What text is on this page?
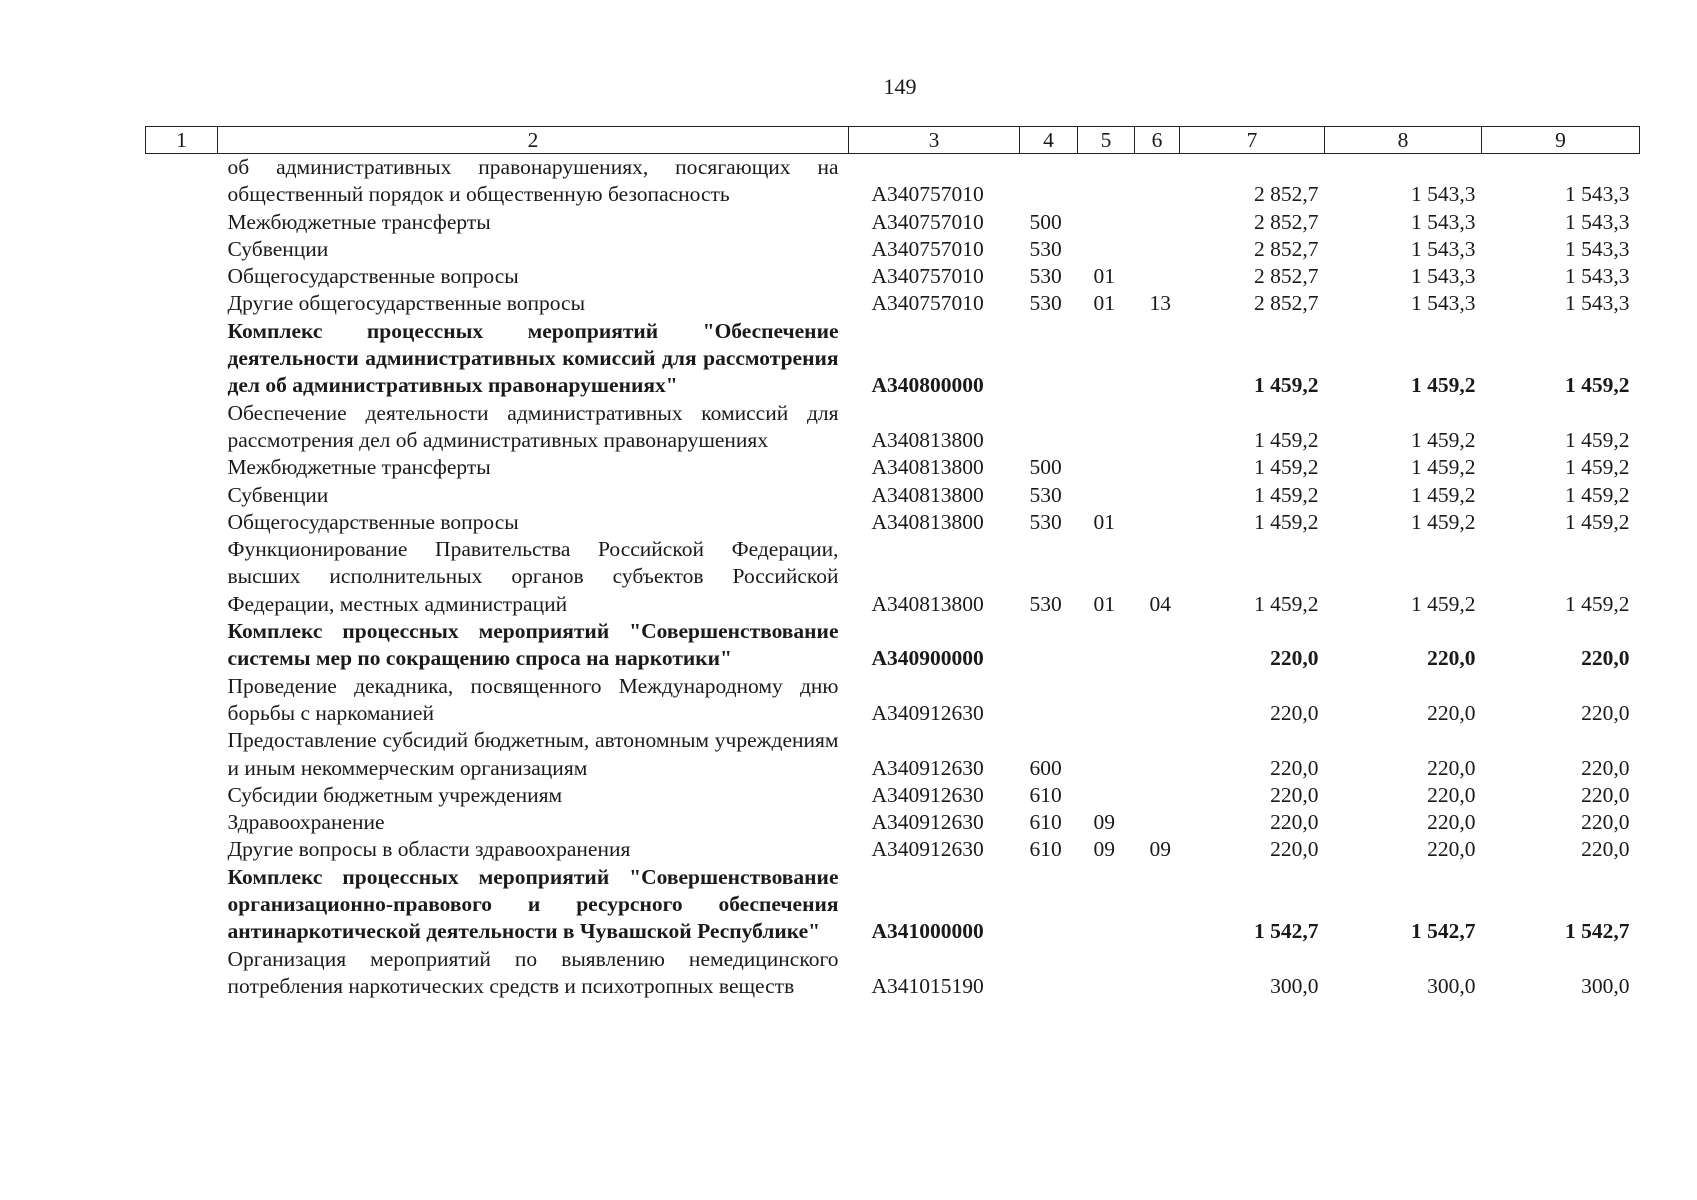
149
1	2	3	4	5	6	7	8	9
	об административных правонарушениях, посягающих на общественный порядок и общественную безопасность	А340757010				2 852,7	1 543,3	1 543,3
	Межбюджетные трансферты	А340757010	500			2 852,7	1 543,3	1 543,3
	Субвенции	А340757010	530			2 852,7	1 543,3	1 543,3
	Общегосударственные вопросы	А340757010	530	01		2 852,7	1 543,3	1 543,3
	Другие общегосударственные вопросы	А340757010	530	01	13	2 852,7	1 543,3	1 543,3
	Комплекс процессных мероприятий "Обеспечение деятельности административных комиссий для рассмотрения дел об административных правонарушениях"	А340800000				1 459,2	1 459,2	1 459,2
	Обеспечение деятельности административных комиссий для рассмотрения дел об административных правонарушениях	А340813800				1 459,2	1 459,2	1 459,2
	Межбюджетные трансферты	А340813800	500			1 459,2	1 459,2	1 459,2
	Субвенции	А340813800	530			1 459,2	1 459,2	1 459,2
	Общегосударственные вопросы	А340813800	530	01		1 459,2	1 459,2	1 459,2
	Функционирование Правительства Российской Федерации, высших исполнительных органов субъектов Российской Федерации, местных администраций	А340813800	530	01	04	1 459,2	1 459,2	1 459,2
	Комплекс процессных мероприятий "Совершенствование системы мер по сокращению спроса на наркотики"	А340900000				220,0	220,0	220,0
	Проведение декадника, посвященного Международному дню борьбы с наркоманией	А340912630				220,0	220,0	220,0
	Предоставление субсидий бюджетным, автономным учреждениям и иным некоммерческим организациям	А340912630	600			220,0	220,0	220,0
	Субсидии бюджетным учреждениям	А340912630	610			220,0	220,0	220,0
	Здравоохранение	А340912630	610	09		220,0	220,0	220,0
	Другие вопросы в области здравоохранения	А340912630	610	09	09	220,0	220,0	220,0
	Комплекс процессных мероприятий "Совершенствование организационно-правового и ресурсного обеспечения антинаркотической деятельности в Чувашской Республике"	А341000000				1 542,7	1 542,7	1 542,7
	Организация мероприятий по выявлению немедицинского потребления наркотических средств и психотропных веществ	А341015190				300,0	300,0	300,0
